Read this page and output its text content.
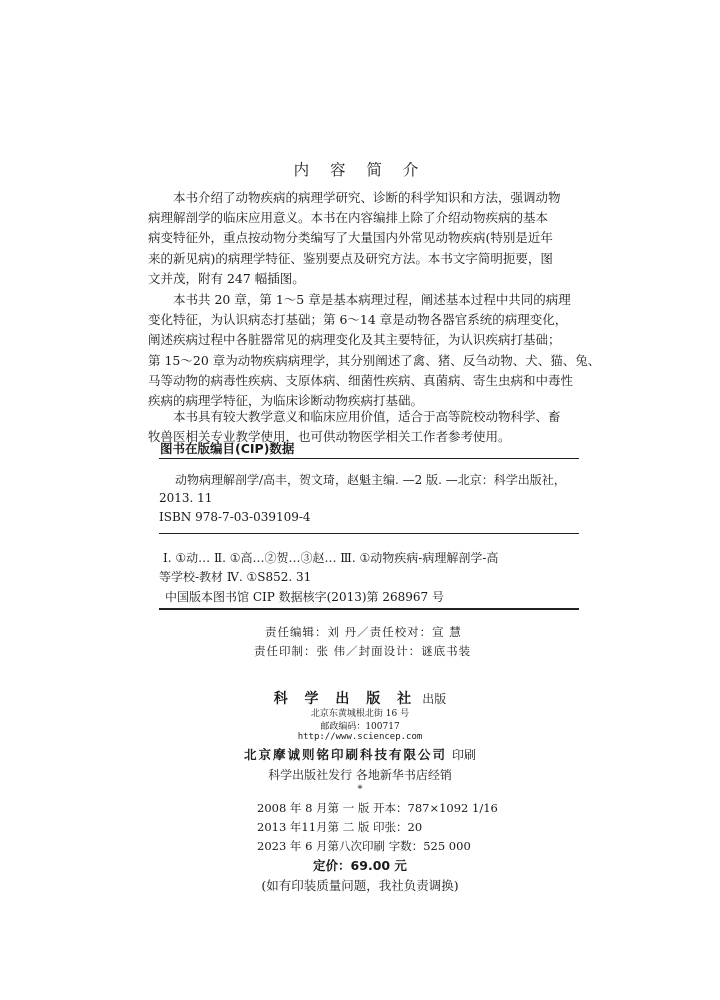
内 容 简 介
本书介绍了动物疾病的病理学研究、诊断的科学知识和方法，强调动物
病理解剖学的临床应用意义。本书在内容编排上除了介绍动物疾病的基本
病变特征外，重点按动物分类编写了大量国内外常见动物疾病(特别是近年
来的新见病)的病理学特征、鉴别要点及研究方法。本书文字简明扼要，图
文并茂，附有 247 幅插图。
本书共 20 章，第 1～5 章是基本病理过程，阐述基本过程中共同的病理
变化特征，为认识病态打基础；第 6～14 章是动物各器官系统的病理变化，
阐述疾病过程中各脏器常见的病理变化及其主要特征，为认识疾病打基础；
第 15～20 章为动物疾病病理学，其分别阐述了禽、猪、反刍动物、犬、猫、兔、
马等动物的病毒性疾病、支原体病、细菌性疾病、真菌病、寄生虫病和中毒性
疾病的病理学特征，为临床诊断动物疾病打基础。
本书具有较大教学意义和临床应用价值，适合于高等院校动物科学、畜
牧兽医相关专业教学使用，也可供动物医学相关工作者参考使用。
图书在版编目(CIP)数据
动物病理解剖学/高丰，贺文琦，赵魁主编. —2 版. —北京：科学出版社，
2013. 11
ISBN 978-7-03-039109-4
Ⅰ. ①动… Ⅱ. ①高…②贺…③赵… Ⅲ. ①动物疾病-病理解剖学-高
等学校-教材 Ⅳ. ①S852. 31
中国版本图书馆 CIP 数据核字(2013)第 268967 号
责任编辑：刘 丹／责任校对：宣 慧
责任印制：张 伟／封面设计：谜底书装
科 学 出 版 社 出版
北京东黄城根北街 16 号
邮政编码：100717
http://www.sciencep.com
北京摩诚则铭印刷科技有限公司 印刷
科学出版社发行 各地新华书店经销
*
2008 年 8 月第 一 版 开本：787×1092 1/16
2013 年11月第 二 版 印张：20
2023 年 6 月第八次印刷 字数：525 000
定价：69.00 元
(如有印装质量问题，我社负责调换)
